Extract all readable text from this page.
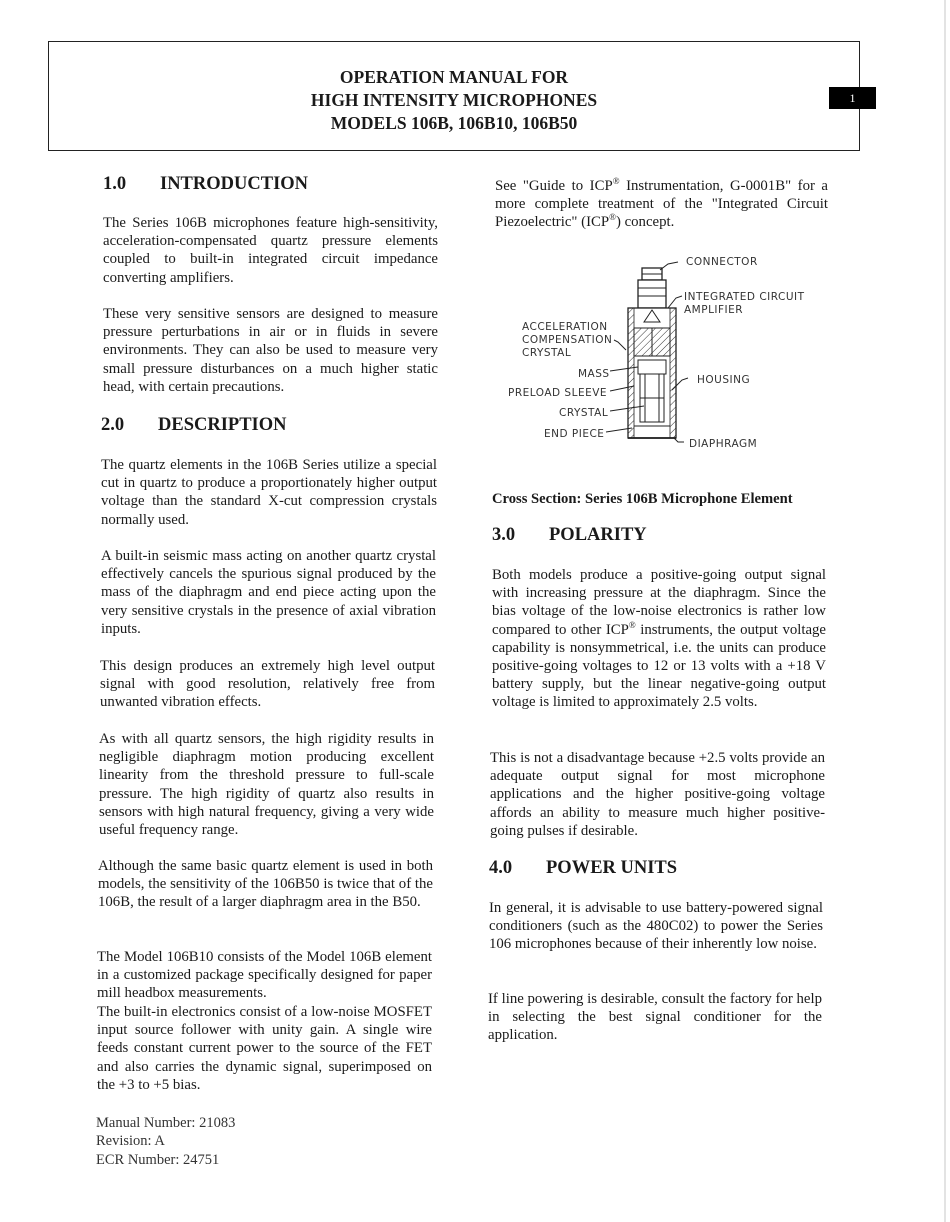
OPERATION MANUAL FOR
HIGH INTENSITY MICROPHONES
MODELS 106B, 106B10, 106B50
1
1.0 INTRODUCTION

The Series 106B microphones feature high-sensitivity, acceleration-compensated quartz pressure elements coupled to built-in integrated circuit impedance converting amplifiers.

These very sensitive sensors are designed to measure pressure perturbations in air or in fluids in severe environments. They can also be used to measure very small pressure disturbances on a much higher static head, with certain precautions.

2.0 DESCRIPTION

The quartz elements in the 106B Series utilize a special cut in quartz to produce a proportionately higher output voltage than the standard X-cut compression crystals normally used.

A built-in seismic mass acting on another quartz crystal effectively cancels the spurious signal produced by the mass of the diaphragm and end piece acting upon the very sensitive crystals in the presence of axial vibration inputs.

This design produces an extremely high level output signal with good resolution, relatively free from unwanted vibration effects.

As with all quartz sensors, the high rigidity results in negligible diaphragm motion producing excellent linearity from the threshold pressure to full-scale pressure. The high rigidity of quartz also results in sensors with high natural frequency, giving a very wide useful frequency range.

Although the same basic quartz element is used in both models, the sensitivity of the 106B50 is twice that of the 106B, the result of a larger diaphragm area in the B50.

The Model 106B10 consists of the Model 106B element in a customized package specifically designed for paper mill headbox measurements.

The built-in electronics consist of a low-noise MOSFET input source follower with unity gain. A single wire feeds constant current power to the source of the FET and also carries the dynamic signal, superimposed on the +3 to +5 bias.

See "Guide to ICP® Instrumentation, G-0001B" for a more complete treatment of the "Integrated Circuit Piezoelectric" (ICP®) concept.

CONNECTOR
INTEGRATED CIRCUIT
AMPLIFIER
ACCELERATION
COMPENSATION
CRYSTAL
MASS	HOUSING
PRELOAD SLEEVE
CRYSTAL
END PIECE
DIAPHRAGM
Cross Section: Series 106B Microphone Element
3.0 POLARITY

Both models produce a positive-going output signal with increasing pressure at the diaphragm. Since the bias voltage of the low-noise electronics is rather low compared to other ICP® instruments, the output voltage capability is nonsymmetrical, i.e. the units can produce positive-going voltages to 12 or 13 volts with a +18 V battery supply, but the linear negative-going output voltage is limited to approximately 2.5 volts.

This is not a disadvantage because +2.5 volts provide an adequate output signal for most microphone applications and the higher positive-going voltage affords an ability to measure much higher positive-going pulses if desirable.

4.0 POWER UNITS

In general, it is advisable to use battery-powered signal conditioners (such as the 480C02) to power the Series 106 microphones because of their inherently low noise.

If line powering is desirable, consult the factory for help in selecting the best signal conditioner for the application.

Manual Number: 21083
Revision: A
ECR Number: 24751
